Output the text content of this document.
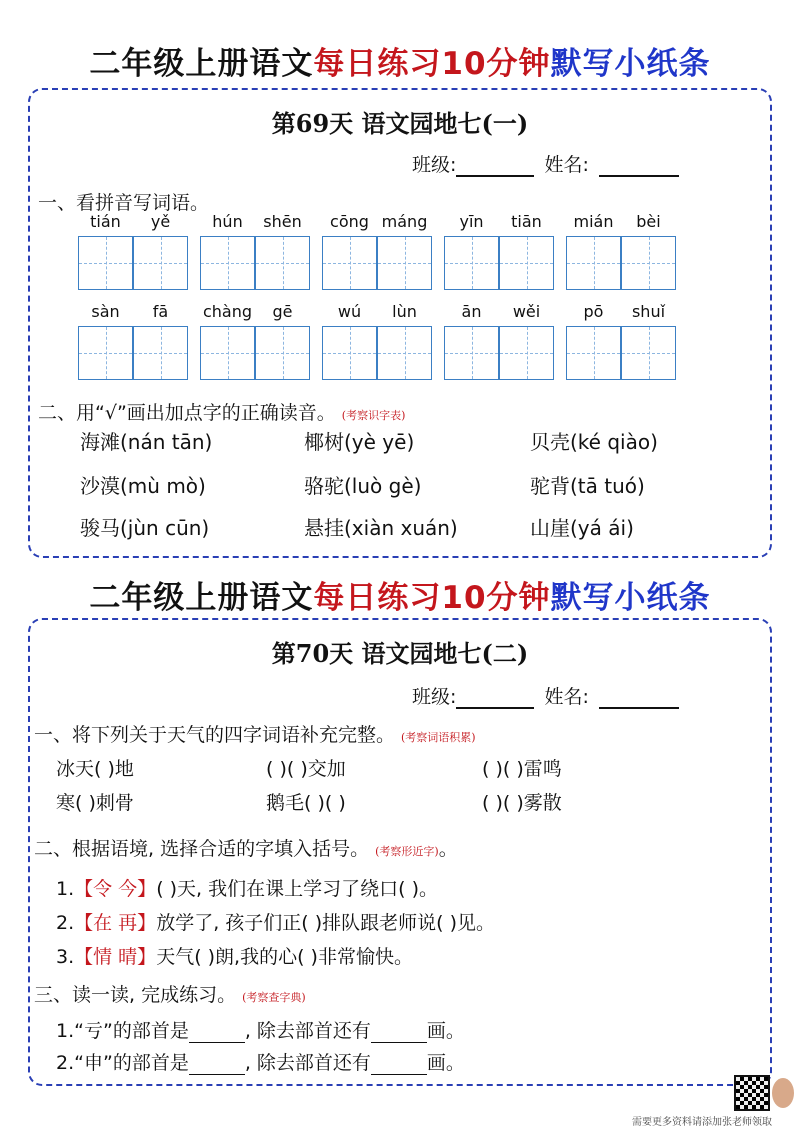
二年级上册语文每日练习10分钟默写小纸条
第69天 语文园地七(一)
班级:	姓名:
一、看拼音写词语。
tián	yě	hún	shēn	cōng máng	yīn	tiān	mián	bèi
sàn	fā	chàng	gē	wú	lùn	ān	wěi	pō	shuǐ
二、用“√”画出加点字的正确读音。 (考察识字表)
海滩(nán tān)	椰树(yè yē)	贝壳(ké qiào)
沙漠(mù mò)	骆驼(luò gè)	驼背(tā tuó)
骏马(jùn cūn)	悬挂(xiàn xuán)	山崖(yá ái)
二年级上册语文每日练习10分钟默写小纸条
第70天 语文园地七(二)
班级:	姓名:
一、将下列关于天气的四字词语补充完整。 (考察词语积累)
冰天( )地	( )( )交加	( )( )雷鸣
寒( )刺骨	鹅毛( )( )	( )( )雾散
二、根据语境, 选择合适的字填入括号。 (考察形近字)。
1.【令 今】( )天, 我们在课上学习了绕口( )。
2.【在 再】放学了, 孩子们正( )排队跟老师说( )见。
3.【情 晴】天气( )朗,我的心( )非常愉快。
三、读一读, 完成练习。 (考察查字典)
1.“亏”的部首是	, 除去部首还有	画。
2.“申”的部首是	, 除去部首还有	画。
需要更多资料请添加张老师领取
